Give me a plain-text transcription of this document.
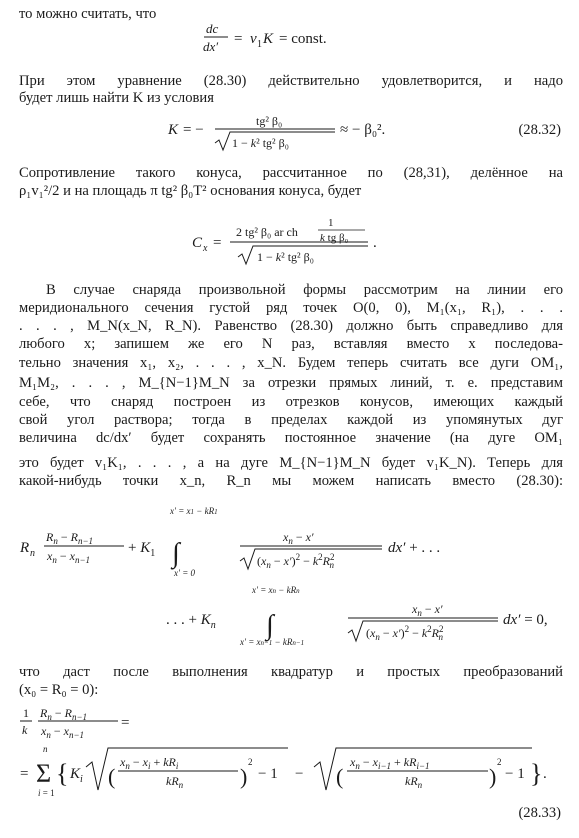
то можно считать, что
dc
dx′ = v 1 K = const.
При этом уравнение (28.30) действительно удовлетворится, и надо
будет лишь найти K из условия
K = −
tg² β₀
1 − k² tg² β₀
≈ − β₀².	(28.32)
Сопротивление такого конуса, рассчитанное по (28,31), делённое на
ρ₁v₁²/2 и на площадь π tg² β₀T² основания конуса, будет
C x =
2 tg² β₀ ar ch
1
k tg β₀
1 − k² tg² β₀
.
В случае снаряда произвольной формы рассмотрим на линии его
меридионального сечения густой ряд точек O(0, 0), M₁(x₁, R₁), . . .
. . . , M_N(x_N, R_N). Равенство (28.30) должно быть справедливо для
любого x; запишем же его N раз, вставляя вместо x последова-
тельно значения x₁, x₂, . . . , x_N. Будем теперь считать все дуги OM₁,
M₁M₂, . . . , M_{N−1}M_N за отрезки прямых линий, т. е. представим
себе, что снаряд построен из отрезков конусов, имеющих каждый
свой угол раствора; тогда в пределах каждой из упомянутых дуг
величина dc/dx′ будет сохранять постоянное значение (на дуге OM₁
это будет v₁K₁, . . . , а на дуге M_{N−1}M_N будет v₁K_N). Теперь для
какой-нибудь точки x_n, R_n мы можем написать вместо (28.30):
R n
$R_n - R_{n-1}$
$x_n - x_{n-1}$
+ $K_1$
x′ = x1 − kR1
∫
x′ = 0
$x_n - x'$
$(x_n - x')^2 - k^2R^2$ n
dx′ + . . .
. . . + $K_n$
x′ = xn − kRn
∫
x′ = xn−1 − kRn−1
$x_n - x'$
$(x_n - x')^2 - k^2R^2$ n
dx′ = 0,
что даст после выполнения квадратур и простых преобразований
(x₀ = R₀ = 0):
1
k
$R_n - R_{n-1}$
$x_n - x_{n-1}$
=
=
n
Σ
i = 1
{ $K_i$ (
$x_n - x_i + kR_i$
$kR_n$	)
2
− 1 − (
$x_n - x_{i-1} + kR_{i-1}$
$kR_n$	)
2
− 1 } .
(28.33)
